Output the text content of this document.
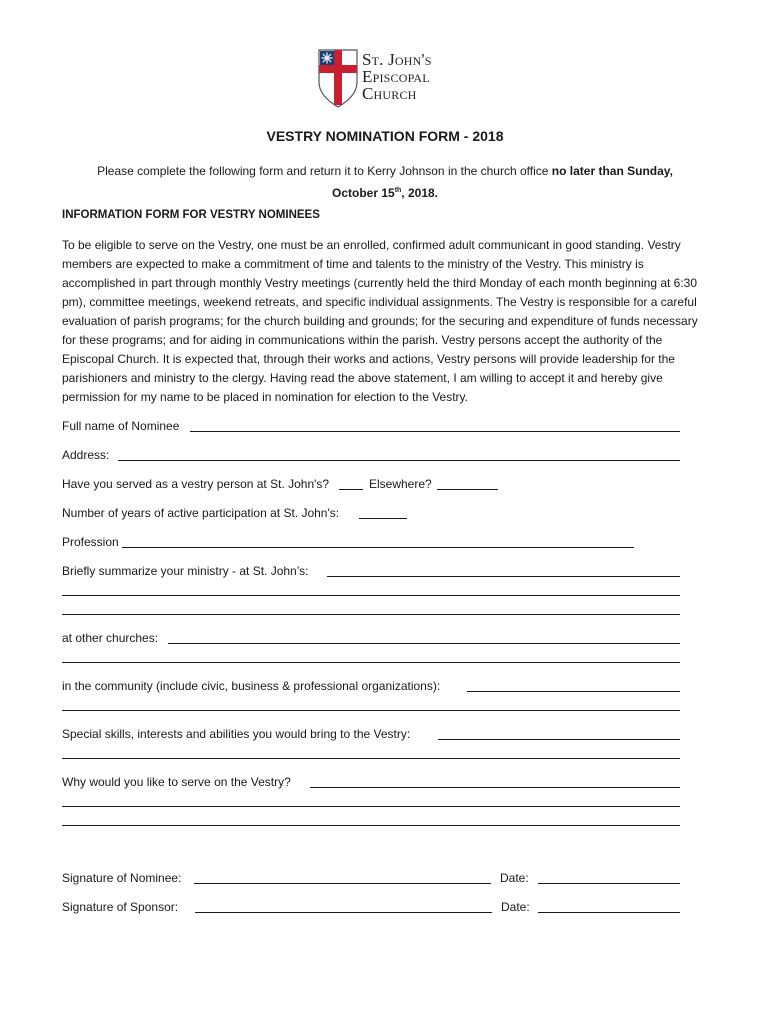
St. John's
Episcopal
Church
VESTRY NOMINATION FORM - 2018
Please complete the following form and return it to Kerry Johnson in the church office no later than Sunday,
October 15th, 2018.
INFORMATION FORM FOR VESTRY NOMINEES
To be eligible to serve on the Vestry, one must be an enrolled, confirmed adult communicant in good standing. Vestry members are expected to make a commitment of time and talents to the ministry of the Vestry. This ministry is accomplished in part through monthly Vestry meetings (currently held the third Monday of each month beginning at 6:30 pm), committee meetings, weekend retreats, and specific individual assignments. The Vestry is responsible for a careful evaluation of parish programs; for the church building and grounds; for the securing and expenditure of funds necessary for these programs; and for aiding in communications within the parish. Vestry persons accept the authority of the Episcopal Church. It is expected that, through their works and actions, Vestry persons will provide leadership for the parishioners and ministry to the clergy. Having read the above statement, I am willing to accept it and hereby give permission for my name to be placed in nomination for election to the Vestry.
Full name of Nominee
Address:
Have you served as a vestry person at St. John's?	Elsewhere?
Number of years of active participation at St. John's:
Profession
Briefly summarize your ministry - at St. John’s:
at other churches:
in the community (include civic, business & professional organizations):
Special skills, interests and abilities you would bring to the Vestry:
Why would you like to serve on the Vestry?
Signature of Nominee:	Date:
Signature of Sponsor:	Date:
